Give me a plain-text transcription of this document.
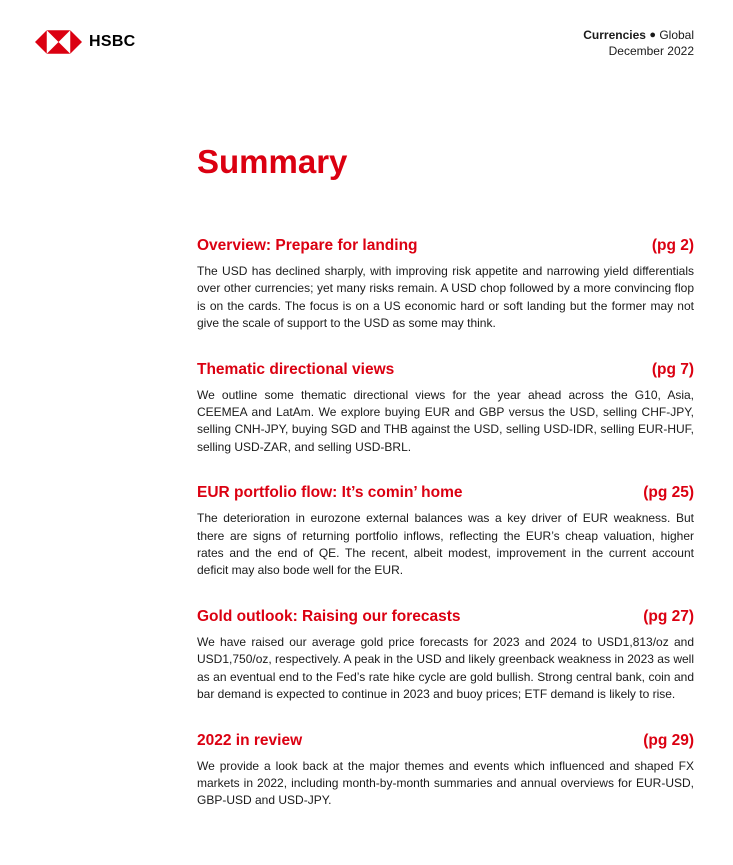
HSBC	Currencies ● Global
December 2022
Summary
Overview: Prepare for landing	(pg 2)

The USD has declined sharply, with improving risk appetite and narrowing yield differentials over other currencies; yet many risks remain. A USD chop followed by a more convincing flop is on the cards. The focus is on a US economic hard or soft landing but the former may not give the scale of support to the USD as some may think.

Thematic directional views	(pg 7)

We outline some thematic directional views for the year ahead across the G10, Asia, CEEMEA and LatAm. We explore buying EUR and GBP versus the USD, selling CHF-JPY, selling CNH-JPY, buying SGD and THB against the USD, selling USD-IDR, selling EUR-HUF, selling USD-ZAR, and selling USD-BRL.

EUR portfolio flow: It’s comin’ home	(pg 25)

The deterioration in eurozone external balances was a key driver of EUR weakness. But there are signs of returning portfolio inflows, reflecting the EUR’s cheap valuation, higher rates and the end of QE. The recent, albeit modest, improvement in the current account deficit may also bode well for the EUR.

Gold outlook: Raising our forecasts	(pg 27)

We have raised our average gold price forecasts for 2023 and 2024 to USD1,813/oz and USD1,750/oz, respectively. A peak in the USD and likely greenback weakness in 2023 as well as an eventual end to the Fed’s rate hike cycle are gold bullish. Strong central bank, coin and bar demand is expected to continue in 2023 and buoy prices; ETF demand is likely to rise.

2022 in review	(pg 29)

We provide a look back at the major themes and events which influenced and shaped FX markets in 2022, including month-by-month summaries and annual overviews for EUR-USD, GBP-USD and USD-JPY.
